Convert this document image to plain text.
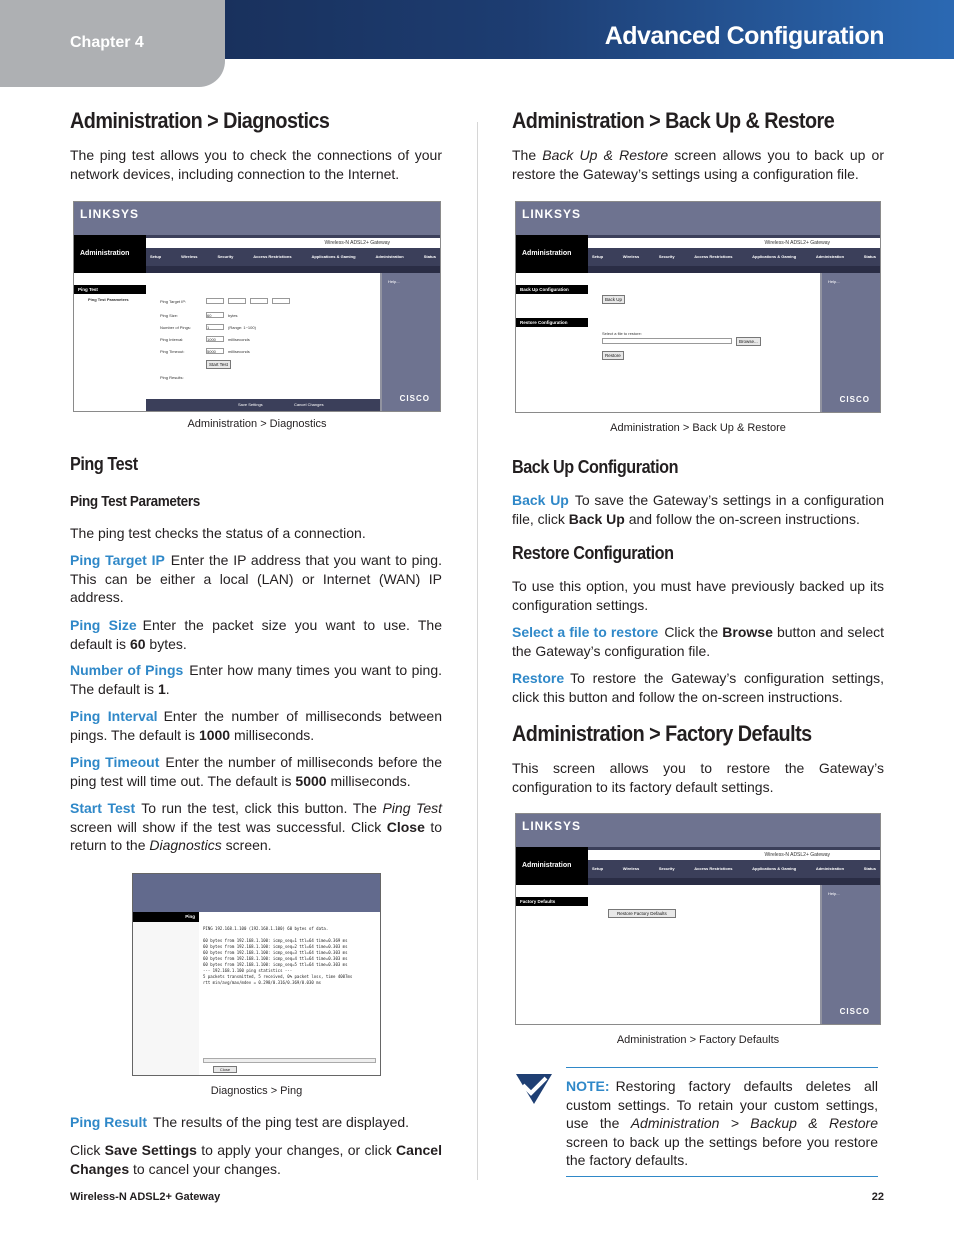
Chapter 4	Advanced Configuration
Administration > Diagnostics
The ping test allows you to check the connections of your network devices, including connection to the Internet.
LINKSYS
Administration
Wireless-N ADSL2+ Gateway
Setup	Wireless	Security	Access Restrictions	Applications & Gaming	Administration	Status
Ping Test
Ping Test Parameters	Ping Target IP:
Ping Size:	60	bytes
Number of Pings:	1	(Range: 1~100)
Ping Interval:	1000	milliseconds
Ping Timeout:	5000	milliseconds
Start Test
Ping Results:
Help...
CISCO
Save Settings	Cancel Changes
Administration > Diagnostics
Ping Test
Ping Test Parameters
The ping test checks the status of a connection.
Ping Target IP Enter the IP address that you want to ping. This can be either a local (LAN) or Internet (WAN) IP address.
Ping Size Enter the packet size you want to use. The default is 60 bytes.
Number of Pings Enter how many times you want to ping. The default is 1.
Ping Interval Enter the number of milliseconds between pings. The default is 1000 milliseconds.
Ping Timeout Enter the number of milliseconds before the ping test will time out. The default is 5000 milliseconds.
Start Test To run the test, click this button. The Ping Test screen will show if the test was successful. Click Close to return to the Diagnostics screen.
Ping
PING 192.168.1.100 (192.168.1.100) 60 bytes of data.

60 bytes from 192.168.1.100: icmp_seq=1 ttl=64 time=0.369 ms
60 bytes from 192.168.1.100: icmp_seq=2 ttl=64 time=0.303 ms
60 bytes from 192.168.1.100: icmp_seq=3 ttl=64 time=0.303 ms
60 bytes from 192.168.1.100: icmp_seq=4 ttl=64 time=0.303 ms
60 bytes from 192.168.1.100: icmp_seq=5 ttl=64 time=0.303 ms
--- 192.168.1.100 ping statistics ---
5 packets transmitted, 5 received, 0% packet loss, time 4007ms
rtt min/avg/max/mdev = 0.298/0.316/0.369/0.030 ms
Close
Diagnostics > Ping
Ping Result The results of the ping test are displayed.
Click Save Settings to apply your changes, or click Cancel Changes to cancel your changes.
Administration > Back Up & Restore
The Back Up & Restore screen allows you to back up or restore the Gateway’s settings using a configuration file.
LINKSYS
Administration
Wireless-N ADSL2+ Gateway
Setup	Wireless	Security	Access Restrictions	Applications & Gaming	Administration	Status
Back Up Configuration
Restore Configuration
Back Up
Select a file to restore:
Browse...
Restore
Help...
CISCO
Administration > Back Up & Restore
Back Up Configuration
Back Up To save the Gateway’s settings in a configuration file, click Back Up and follow the on-screen instructions.
Restore Configuration
To use this option, you must have previously backed up its configuration settings.
Select a file to restore Click the Browse button and select the Gateway’s configuration file.
Restore To restore the Gateway’s configuration settings, click this button and follow the on-screen instructions.
Administration > Factory Defaults
This screen allows you to restore the Gateway’s configuration to its factory default settings.
LINKSYS
Administration
Wireless-N ADSL2+ Gateway
Setup	Wireless	Security	Access Restrictions	Applications & Gaming	Administration	Status
Factory Defaults
Restore Factory Defaults
Help...
CISCO
Administration > Factory Defaults
NOTE: Restoring factory defaults deletes all custom settings. To retain your custom settings, use the Administration > Backup & Restore screen to back up the settings before you restore the factory defaults.
Wireless-N ADSL2+ Gateway	22
